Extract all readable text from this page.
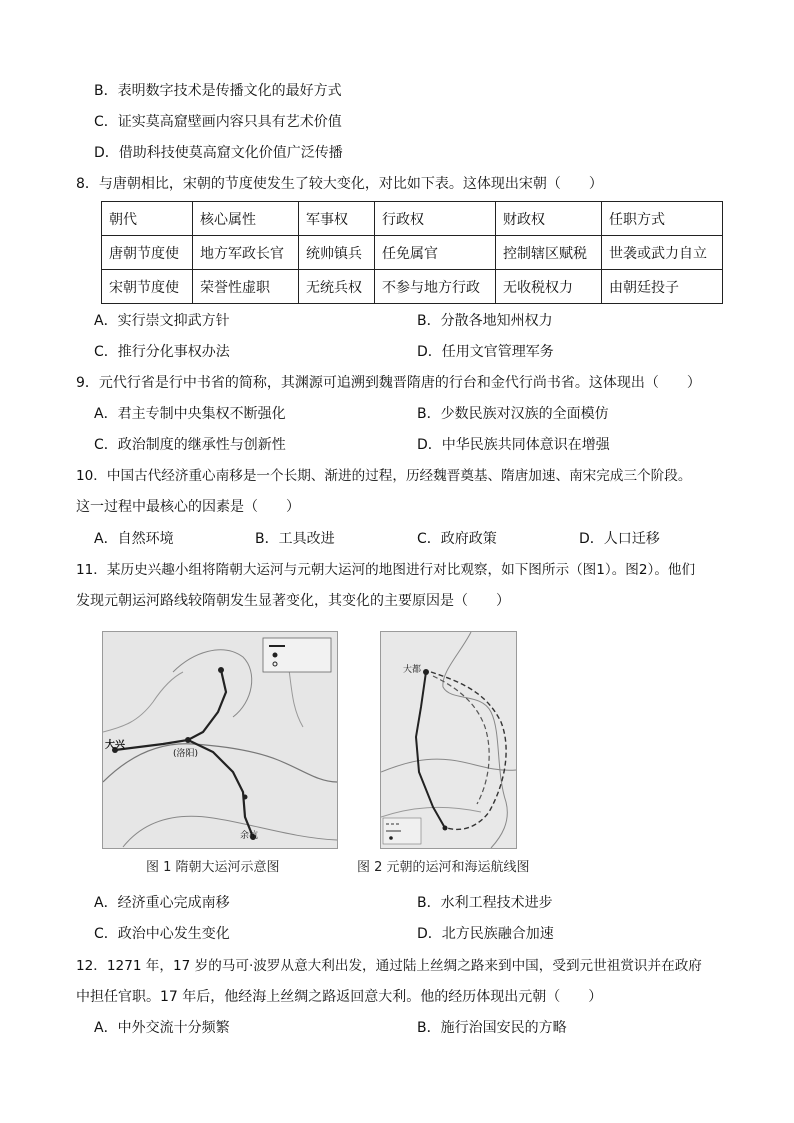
B．表明数字技术是传播文化的最好方式
C．证实莫高窟壁画内容只具有艺术价值
D．借助科技使莫高窟文化价值广泛传播
8．与唐朝相比，宋朝的节度使发生了较大变化，对比如下表。这体现出宋朝（　　）
朝代	核心属性	军事权	行政权	财政权	任职方式
唐朝节度使	地方军政长官	统帅镇兵	任免属官	控制辖区赋税	世袭或武力自立
宋朝节度使	荣誉性虚职	无统兵权	不参与地方行政	无收税权力	由朝廷投子
A．实行崇文抑武方针	B．分散各地知州权力
C．推行分化事权办法	D．任用文官管理军务
9．元代行省是行中书省的简称，其渊源可追溯到魏晋隋唐的行台和金代行尚书省。这体现出（　　）
A．君主专制中央集权不断强化	B．少数民族对汉族的全面模仿
C．政治制度的继承性与创新性	D．中华民族共同体意识在增强
10．中国古代经济重心南移是一个长期、渐进的过程，历经魏晋奠基、隋唐加速、南宋完成三个阶段。
这一过程中最核心的因素是（　　）
A．自然环境	B．工具改进	C．政府政策	D．人口迁移
11．某历史兴趣小组将隋朝大运河与元朝大运河的地图进行对比观察，如下图所示（图1）。图2）。他们
发现元朝运河路线较隋朝发生显著变化，其变化的主要原因是（　　）
大兴
(洛阳)
余杭
大都
图 1 隋朝大运河示意图	图 2 元朝的运河和海运航线图
A．经济重心完成南移	B．水利工程技术进步
C．政治中心发生变化	D．北方民族融合加速
12．1271 年，17 岁的马可·波罗从意大利出发，通过陆上丝绸之路来到中国，受到元世祖赏识并在政府
中担任官职。17 年后，他经海上丝绸之路返回意大利。他的经历体现出元朝（　　）
A．中外交流十分频繁	B．施行治国安民的方略
